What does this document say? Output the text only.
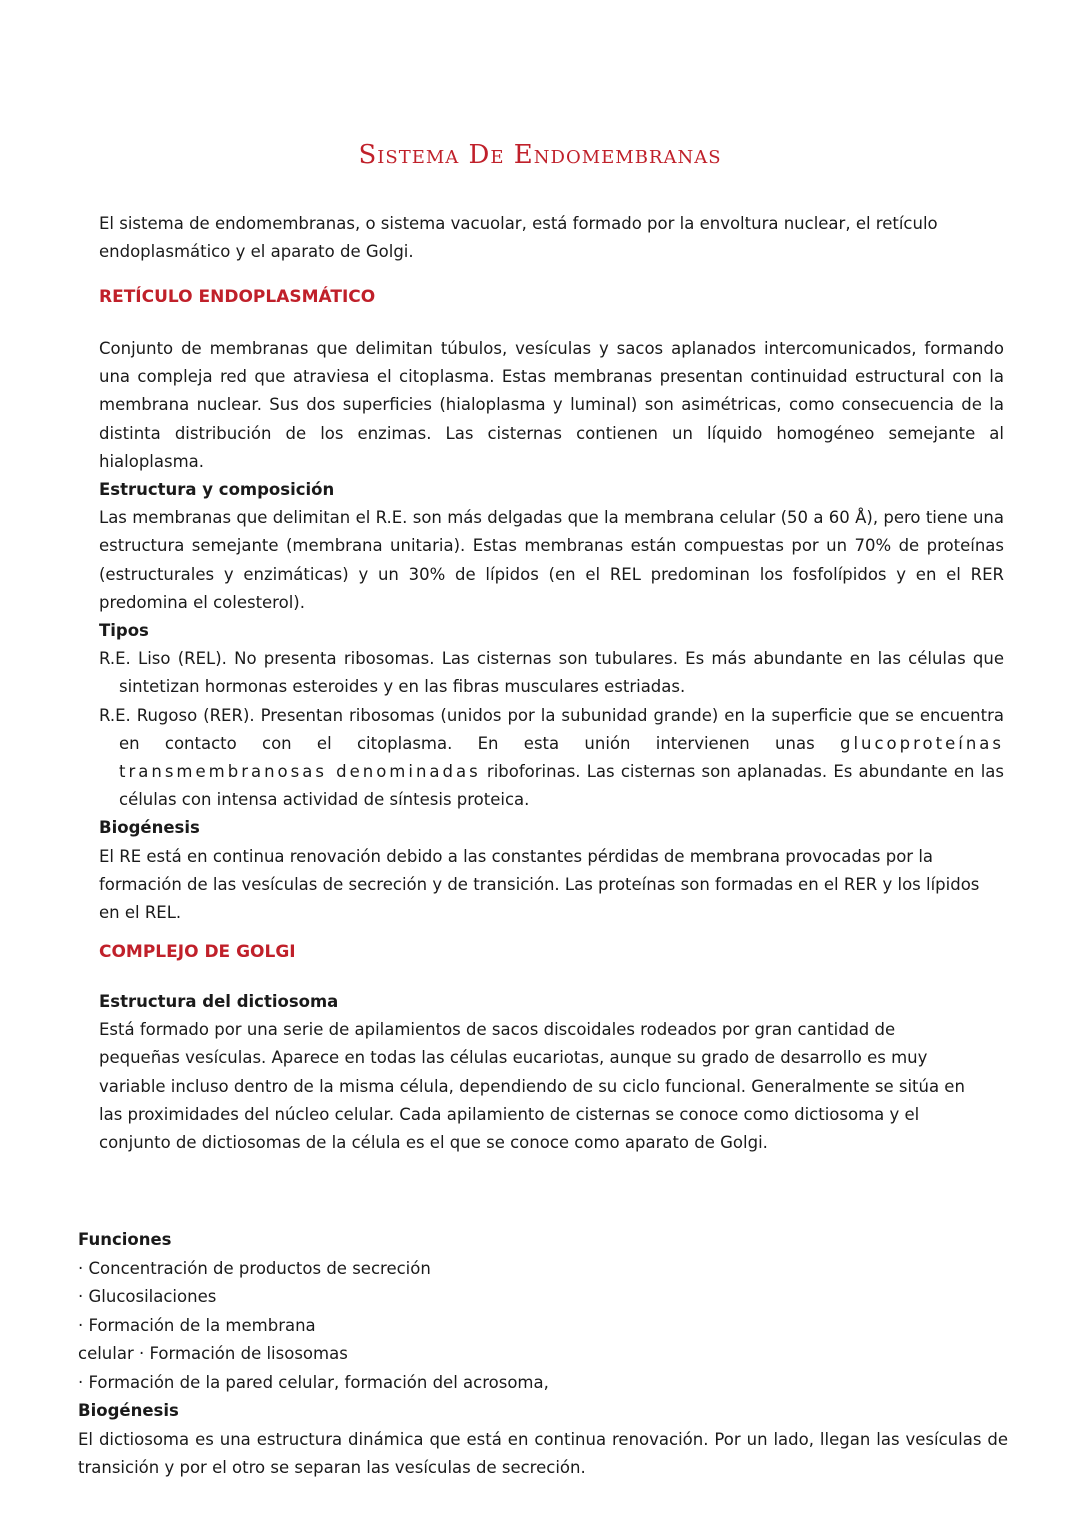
Sistema De Endomembranas

El sistema de endomembranas, o sistema vacuolar, está formado por la envoltura nuclear, el retículo endoplasmático y el aparato de Golgi.

RETÍCULO ENDOPLASMÁTICO

Conjunto de membranas que delimitan túbulos, vesículas y sacos aplanados intercomunicados, formando una compleja red que atraviesa el citoplasma. Estas membranas presentan continuidad estructural con la membrana nuclear. Sus dos superficies (hialoplasma y luminal) son asimétricas, como consecuencia de la distinta distribución de los enzimas. Las cisternas contienen un líquido homogéneo semejante al hialoplasma.

Estructura y composición

Las membranas que delimitan el R.E. son más delgadas que la membrana celular (50 a 60 Å), pero tiene una estructura semejante (membrana unitaria). Estas membranas están compuestas por un 70% de proteínas (estructurales y enzimáticas) y un 30% de lípidos (en el REL predominan los fosfolípidos y en el RER predomina el colesterol).

Tipos

R.E. Liso (REL). No presenta ribosomas. Las cisternas son tubulares. Es más abundante en las células que sintetizan hormonas esteroides y en las fibras musculares estriadas.

R.E. Rugoso (RER). Presentan ribosomas (unidos por la subunidad grande) en la superficie que se encuentra en contacto con el citoplasma. En esta unión intervienen unas glucoproteínas transmembranosas denominadas riboforinas. Las cisternas son aplanadas. Es abundante en las células con intensa actividad de síntesis proteica.

Biogénesis

El RE está en continua renovación debido a las constantes pérdidas de membrana provocadas por la formación de las vesículas de secreción y de transición. Las proteínas son formadas en el RER y los lípidos en el REL.

COMPLEJO DE GOLGI

Estructura del dictiosoma

Está formado por una serie de apilamientos de sacos discoidales rodeados por gran cantidad de pequeñas vesículas. Aparece en todas las células eucariotas, aunque su grado de desarrollo es muy variable incluso dentro de la misma célula, dependiendo de su ciclo funcional. Generalmente se sitúa en las proximidades del núcleo celular. Cada apilamiento de cisternas se conoce como dictiosoma y el conjunto de dictiosomas de la célula es el que se conoce como aparato de Golgi.

Funciones

· Concentración de productos de secreción

· Glucosilaciones

· Formación de la membrana

celular · Formación de lisosomas

· Formación de la pared celular, formación del acrosoma,

Biogénesis

El dictiosoma es una estructura dinámica que está en continua renovación. Por un lado, llegan las vesículas de transición y por el otro se separan las vesículas de secreción.
